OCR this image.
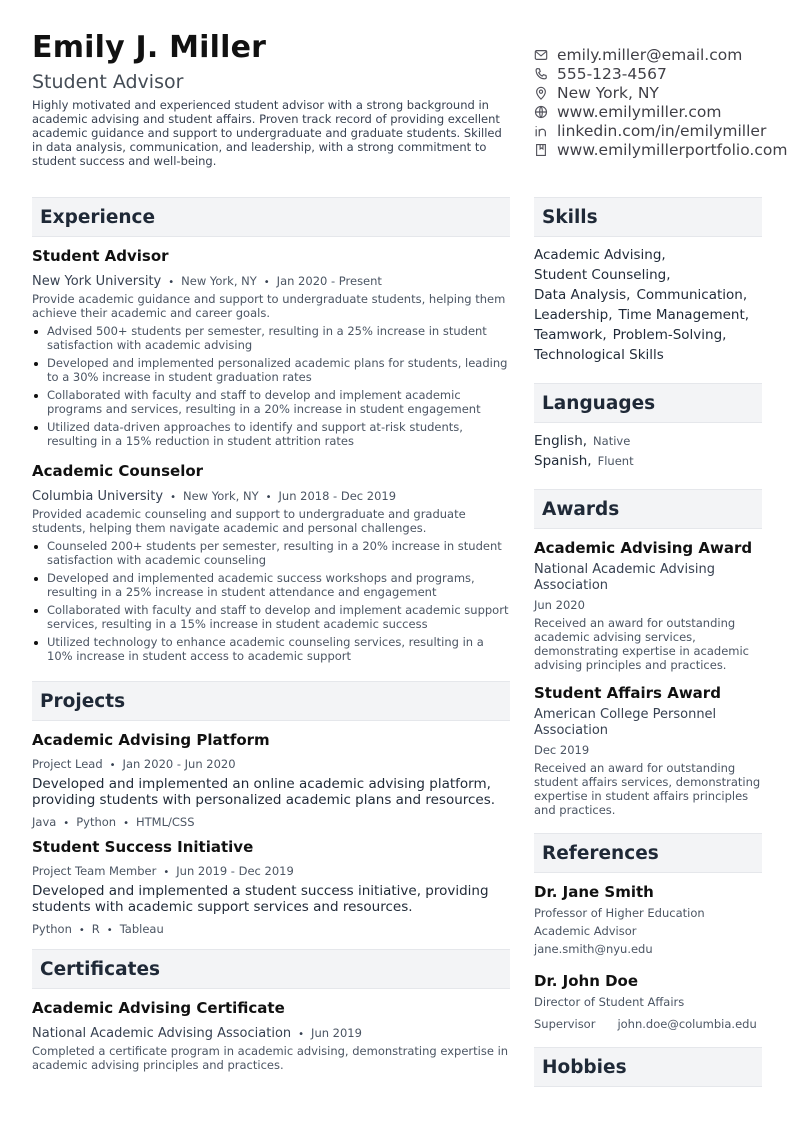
Emily J. Miller
Student Advisor
Highly motivated and experienced student advisor with a strong background in academic advising and student affairs. Proven track record of providing excellent academic guidance and support to undergraduate and graduate students. Skilled in data analysis, communication, and leadership, with a strong commitment to student success and well-being.
emily.miller@email.com
555-123-4567
New York, NY
www.emilymiller.com
linkedin.com/in/emilymiller
www.emilymillerportfolio.com
Experience
Student Advisor
New York University • New York, NY • Jan 2020 - Present
Provide academic guidance and support to undergraduate students, helping them achieve their academic and career goals.
Advised 500+ students per semester, resulting in a 25% increase in student satisfaction with academic advising
Developed and implemented personalized academic plans for students, leading to a 30% increase in student graduation rates
Collaborated with faculty and staff to develop and implement academic programs and services, resulting in a 20% increase in student engagement
Utilized data-driven approaches to identify and support at-risk students, resulting in a 15% reduction in student attrition rates
Academic Counselor
Columbia University • New York, NY • Jun 2018 - Dec 2019
Provided academic counseling and support to undergraduate and graduate students, helping them navigate academic and personal challenges.
Counseled 200+ students per semester, resulting in a 20% increase in student satisfaction with academic counseling
Developed and implemented academic success workshops and programs, resulting in a 25% increase in student attendance and engagement
Collaborated with faculty and staff to develop and implement academic support services, resulting in a 15% increase in student academic success
Utilized technology to enhance academic counseling services, resulting in a 10% increase in student access to academic support
Projects
Academic Advising Platform
Project Lead • Jan 2020 - Jun 2020
Developed and implemented an online academic advising platform, providing students with personalized academic plans and resources.
Java • Python • HTML/CSS
Student Success Initiative
Project Team Member • Jun 2019 - Dec 2019
Developed and implemented a student success initiative, providing students with academic support services and resources.
Python • R • Tableau
Certificates
Academic Advising Certificate
National Academic Advising Association • Jun 2019
Completed a certificate program in academic advising, demonstrating expertise in academic advising principles and practices.
Skills
Academic Advising,
Student Counseling,
Data Analysis, Communication,
Leadership, Time Management,
Teamwork, Problem-Solving,
Technological Skills
Languages
English, Native
Spanish, Fluent
Awards
Academic Advising Award
National Academic Advising Association
Jun 2020
Received an award for outstanding academic advising services, demonstrating expertise in academic advising principles and practices.
Student Affairs Award
American College Personnel Association
Dec 2019
Received an award for outstanding student affairs services, demonstrating expertise in student affairs principles and practices.
References
Dr. Jane Smith
Professor of Higher Education
Academic Advisor
jane.smith@nyu.edu
Dr. John Doe
Director of Student Affairs
Supervisor john.doe@columbia.edu
Hobbies
